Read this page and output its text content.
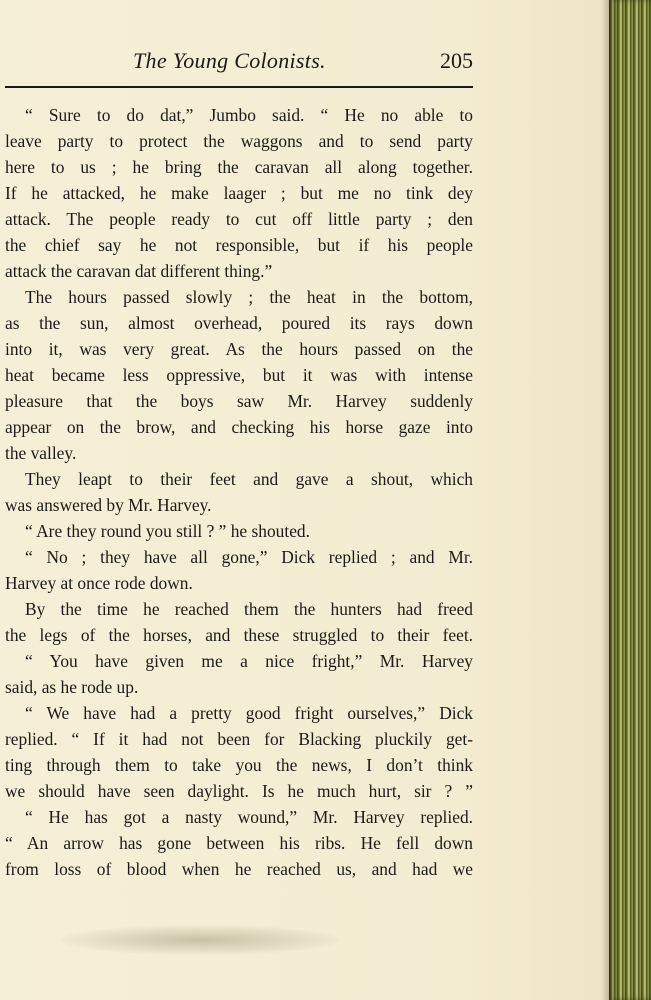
The Young Colonists.	205
“ Sure to do dat,” Jumbo said. “ He no able to
leave party to protect the waggons and to send party
here to us ; he bring the caravan all along together.
If he attacked, he make laager ; but me no tink dey
attack. The people ready to cut off little party ; den
the chief say he not responsible, but if his people
attack the caravan dat different thing.”
The hours passed slowly ; the heat in the bottom,
as the sun, almost overhead, poured its rays down
into it, was very great. As the hours passed on the
heat became less oppressive, but it was with intense
pleasure that the boys saw Mr. Harvey suddenly
appear on the brow, and checking his horse gaze into
the valley.
They leapt to their feet and gave a shout, which
was answered by Mr. Harvey.
“ Are they round you still ? ” he shouted.
“ No ; they have all gone,” Dick replied ; and Mr.
Harvey at once rode down.
By the time he reached them the hunters had freed
the legs of the horses, and these struggled to their feet.
“ You have given me a nice fright,” Mr. Harvey
said, as he rode up.
“ We have had a pretty good fright ourselves,” Dick
replied. “ If it had not been for Blacking pluckily get-
ting through them to take you the news, I don’t think
we should have seen daylight. Is he much hurt, sir ? ”
“ He has got a nasty wound,” Mr. Harvey replied.
“ An arrow has gone between his ribs. He fell down
from loss of blood when he reached us, and had we
